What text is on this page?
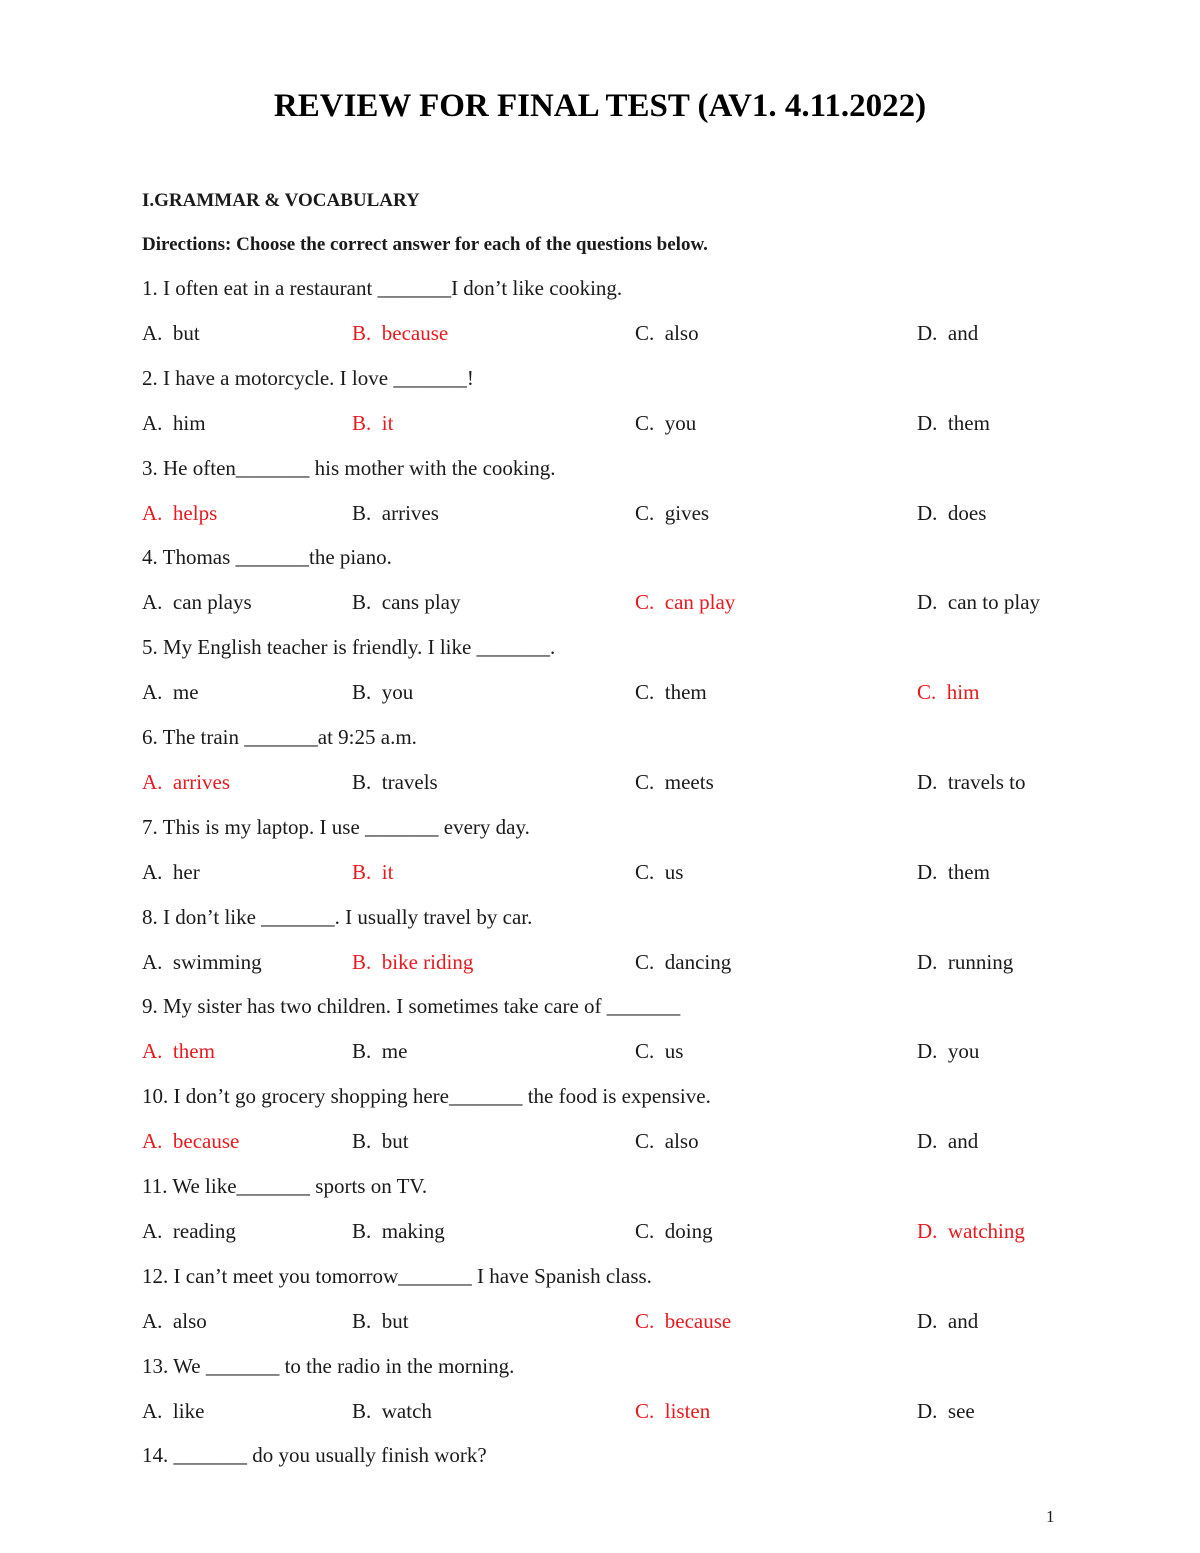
REVIEW FOR FINAL TEST (AV1. 4.11.2022)
I.GRAMMAR & VOCABULARY
Directions: Choose the correct answer for each of the questions below.
1. I often eat in a restaurant _______I don’t like cooking.
A.  but	B.  because	C.  also	D.  and
2. I have a motorcycle. I love _______!
A.  him	B.  it	C.  you	D.  them
3. He often_______ his mother with the cooking.
A.  helps	B.  arrives	C.  gives	D.  does
4. Thomas _______the piano.
A.  can plays	B.  cans play	C.  can play	D.  can to play
5. My English teacher is friendly. I like _______.
A.  me	B.  you	C.  them	C.  him
6. The train _______at 9:25 a.m.
A.  arrives	B.  travels	C.  meets	D.  travels to
7. This is my laptop. I use _______ every day.
A.  her	B.  it	C.  us	D.  them
8. I don’t like _______. I usually travel by car.
A.  swimming	B.  bike riding	C.  dancing	D.  running
9. My sister has two children. I sometimes take care of _______
A.  them	B.  me	C.  us	D.  you
10. I don’t go grocery shopping here_______ the food is expensive.
A.  because	B.  but	C.  also	D.  and
11. We like_______ sports on TV.
A.  reading	B.  making	C.  doing	D.  watching
12. I can’t meet you tomorrow_______ I have Spanish class.
A.  also	B.  but	C.  because	D.  and
13. We _______ to the radio in the morning.
A.  like	B.  watch	C.  listen	D.  see
14. _______ do you usually finish work?
1
